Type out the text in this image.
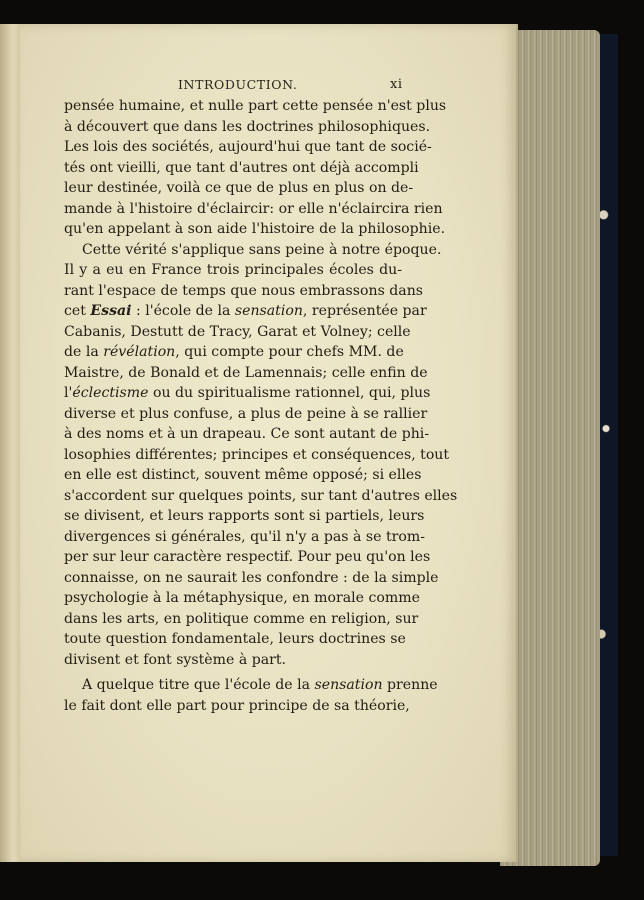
INTRODUCTION.	xi

pensée humaine, et nulle part cette pensée n'est plus
à découvert que dans les doctrines philosophiques.
Les lois des sociétés, aujourd'hui que tant de socié-
tés ont vieilli, que tant d'autres ont déjà accompli
leur destinée, voilà ce que de plus en plus on de-
mande à l'histoire d'éclaircir: or elle n'éclaircira rien
qu'en appelant à son aide l'histoire de la philosophie.

Cette vérité s'applique sans peine à notre époque.
Il y a eu en France trois principales écoles du-
rant l'espace de temps que nous embrassons dans
cet Essai : l'école de la sensation, représentée par
Cabanis, Destutt de Tracy, Garat et Volney; celle
de la révélation, qui compte pour chefs MM. de
Maistre, de Bonald et de Lamennais; celle enfin de
l'éclectisme ou du spiritualisme rationnel, qui, plus
diverse et plus confuse, a plus de peine à se rallier
à des noms et à un drapeau. Ce sont autant de phi-
losophies différentes; principes et conséquences, tout
en elle est distinct, souvent même opposé; si elles
s'accordent sur quelques points, sur tant d'autres elles
se divisent, et leurs rapports sont si partiels, leurs
divergences si générales, qu'il n'y a pas à se trom-
per sur leur caractère respectif. Pour peu qu'on les
connaisse, on ne saurait les confondre : de la simple
psychologie à la métaphysique, en morale comme
dans les arts, en politique comme en religion, sur
toute question fondamentale, leurs doctrines se
divisent et font système à part.

A quelque titre que l'école de la sensation prenne
le fait dont elle part pour principe de sa théorie,
